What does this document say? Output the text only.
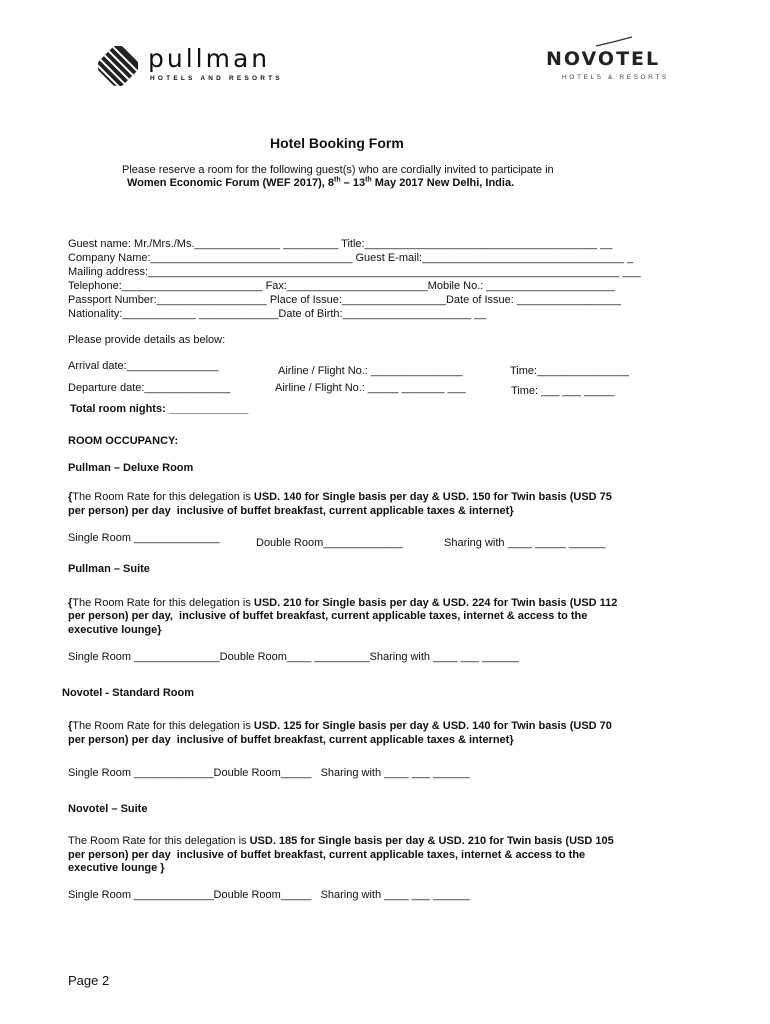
pullman

HOTELS AND RESORTS

NOVOTEL

HOTELS & RESORTS

Hotel Booking Form
Please reserve a room for the following guest(s) who are cordially invited to participate in
Women Economic Forum (WEF 2017), 8th – 13th May 2017 New Delhi, India.
Guest name: Mr./Mrs./Ms.______________ _________ Title:______________________________________ __
Company Name:_________________________________ Guest E-mail:_________________________________ _
Mailing address:_____________________________________________________________________________ ___
Telephone:_______________________ Fax:_______________________Mobile No.: _____________________
Passport Number:__________________ Place of Issue:_________________Date of Issue: _________________
Nationality:____________ _____________Date of Birth:_____________________ __
Please provide details as below:
Arrival date:_______________	Airline / Flight No.: _______________	Time:_______________
Departure date:______________	Airline / Flight No.: _____ _______ ___	Time: ___ ___ _____
Total room nights: _____________
ROOM OCCUPANCY:
Pullman – Deluxe Room
{The Room Rate for this delegation is USD. 140 for Single basis per day & USD. 150 for Twin basis (USD 75
per person) per day  inclusive of buffet breakfast, current applicable taxes & internet}
Single Room ______________	Double Room_____________	Sharing with ____ _____ ______
Pullman – Suite
{The Room Rate for this delegation is USD. 210 for Single basis per day & USD. 224 for Twin basis (USD 112
per person) per day,  inclusive of buffet breakfast, current applicable taxes, internet & access to the
executive lounge}
Single Room ______________Double Room____ _________Sharing with ____ ___ ______
Novotel - Standard Room
{The Room Rate for this delegation is USD. 125 for Single basis per day & USD. 140 for Twin basis (USD 70
per person) per day  inclusive of buffet breakfast, current applicable taxes & internet}
Single Room _____________Double Room_____   Sharing with ____ ___ ______
Novotel – Suite
The Room Rate for this delegation is USD. 185 for Single basis per day & USD. 210 for Twin basis (USD 105
per person) per day  inclusive of buffet breakfast, current applicable taxes, internet & access to the
executive lounge }
Single Room _____________Double Room_____   Sharing with ____ ___ ______
Page 2
